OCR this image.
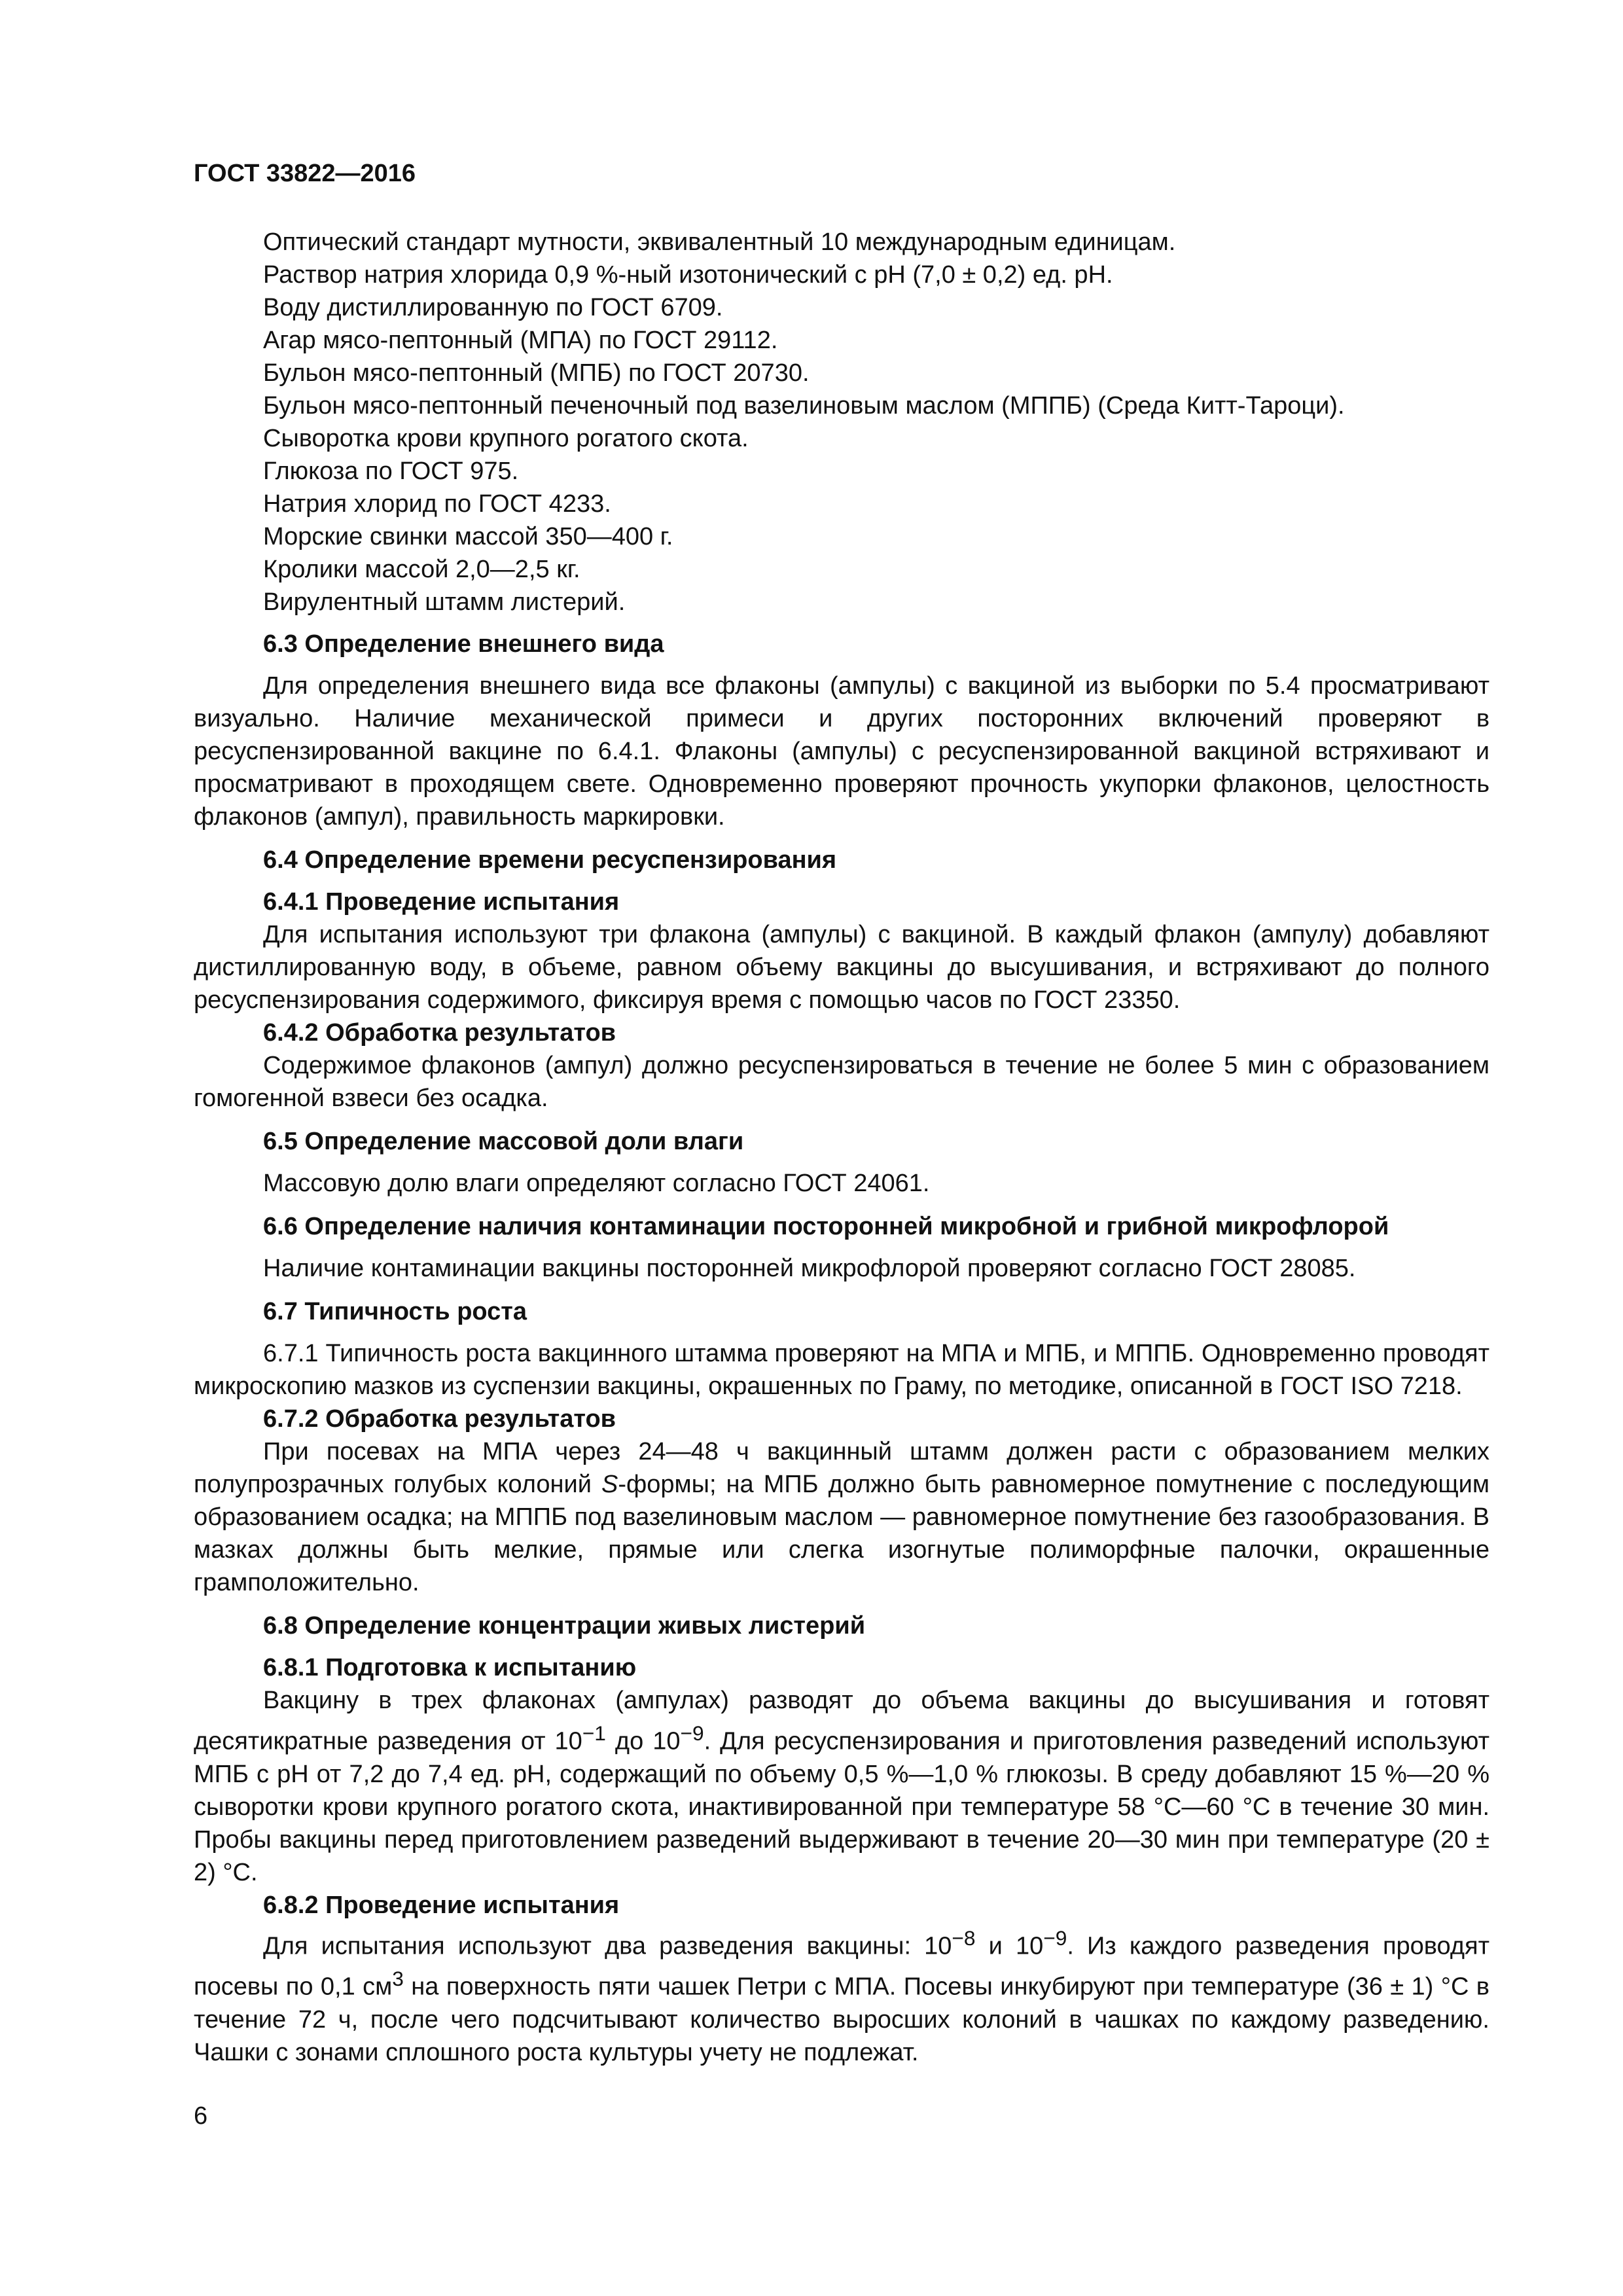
ГОСТ 33822—2016

Оптический стандарт мутности, эквивалентный 10 международным единицам.

Раствор натрия хлорида 0,9 %-ный изотонический с pH (7,0 ± 0,2) ед. pH.

Воду дистиллированную по ГОСТ 6709.

Агар мясо-пептонный (МПА) по ГОСТ 29112.

Бульон мясо-пептонный (МПБ) по ГОСТ 20730.

Бульон мясо-пептонный печеночный под вазелиновым маслом (МППБ) (Среда Китт-Тароци).

Сыворотка крови крупного рогатого скота.

Глюкоза по ГОСТ 975.

Натрия хлорид по ГОСТ 4233.

Морские свинки массой 350—400 г.

Кролики массой 2,0—2,5 кг.

Вирулентный штамм листерий.

6.3 Определение внешнего вида

Для определения внешнего вида все флаконы (ампулы) с вакциной из выборки по 5.4 просматривают визуально. Наличие механической примеси и других посторонних включений проверяют в ресуспензированной вакцине по 6.4.1. Флаконы (ампулы) с ресуспензированной вакциной встряхивают и просматривают в проходящем свете. Одновременно проверяют прочность укупорки флаконов, целостность флаконов (ампул), правильность маркировки.

6.4 Определение времени ресуспензирования

6.4.1 Проведение испытания

Для испытания используют три флакона (ампулы) с вакциной. В каждый флакон (ампулу) добавляют дистиллированную воду, в объеме, равном объему вакцины до высушивания, и встряхивают до полного ресуспензирования содержимого, фиксируя время с помощью часов по ГОСТ 23350.

6.4.2 Обработка результатов

Содержимое флаконов (ампул) должно ресуспензироваться в течение не более 5 мин с образованием гомогенной взвеси без осадка.

6.5 Определение массовой доли влаги

Массовую долю влаги определяют согласно ГОСТ 24061.

6.6 Определение наличия контаминации посторонней микробной и грибной микрофлорой

Наличие контаминации вакцины посторонней микрофлорой проверяют согласно ГОСТ 28085.

6.7 Типичность роста

6.7.1 Типичность роста вакцинного штамма проверяют на МПА и МПБ, и МППБ. Одновременно проводят микроскопию мазков из суспензии вакцины, окрашенных по Граму, по методике, описанной в ГОСТ ISO 7218.

6.7.2 Обработка результатов

При посевах на МПА через 24—48 ч вакцинный штамм должен расти с образованием мелких полупрозрачных голубых колоний S-формы; на МПБ должно быть равномерное помутнение с последующим образованием осадка; на МППБ под вазелиновым маслом — равномерное помутнение без газообразования. В мазках должны быть мелкие, прямые или слегка изогнутые полиморфные палочки, окрашенные грамположительно.

6.8 Определение концентрации живых листерий

6.8.1 Подготовка к испытанию

Вакцину в трех флаконах (ампулах) разводят до объема вакцины до высушивания и готовят десятикратные разведения от $10^{-1}$ до $10^{-9}$. Для ресуспензирования и приготовления разведений используют МПБ с pH от 7,2 до 7,4 ед. pH, содержащий по объему 0,5 %—1,0 % глюкозы. В среду добавляют 15 %—20 % сыворотки крови крупного рогатого скота, инактивированной при температуре 58 °С—60 °С в течение 30 мин. Пробы вакцины перед приготовлением разведений выдерживают в течение 20—30 мин при температуре (20 ± 2) °С.

6.8.2 Проведение испытания

Для испытания используют два разведения вакцины: $10^{-8}$ и $10^{-9}$. Из каждого разведения проводят посевы по 0,1 $см^3$ на поверхность пяти чашек Петри с МПА. Посевы инкубируют при температуре (36 ± 1) °С в течение 72 ч, после чего подсчитывают количество выросших колоний в чашках по каждому разведению. Чашки с зонами сплошного роста культуры учету не подлежат.

6
